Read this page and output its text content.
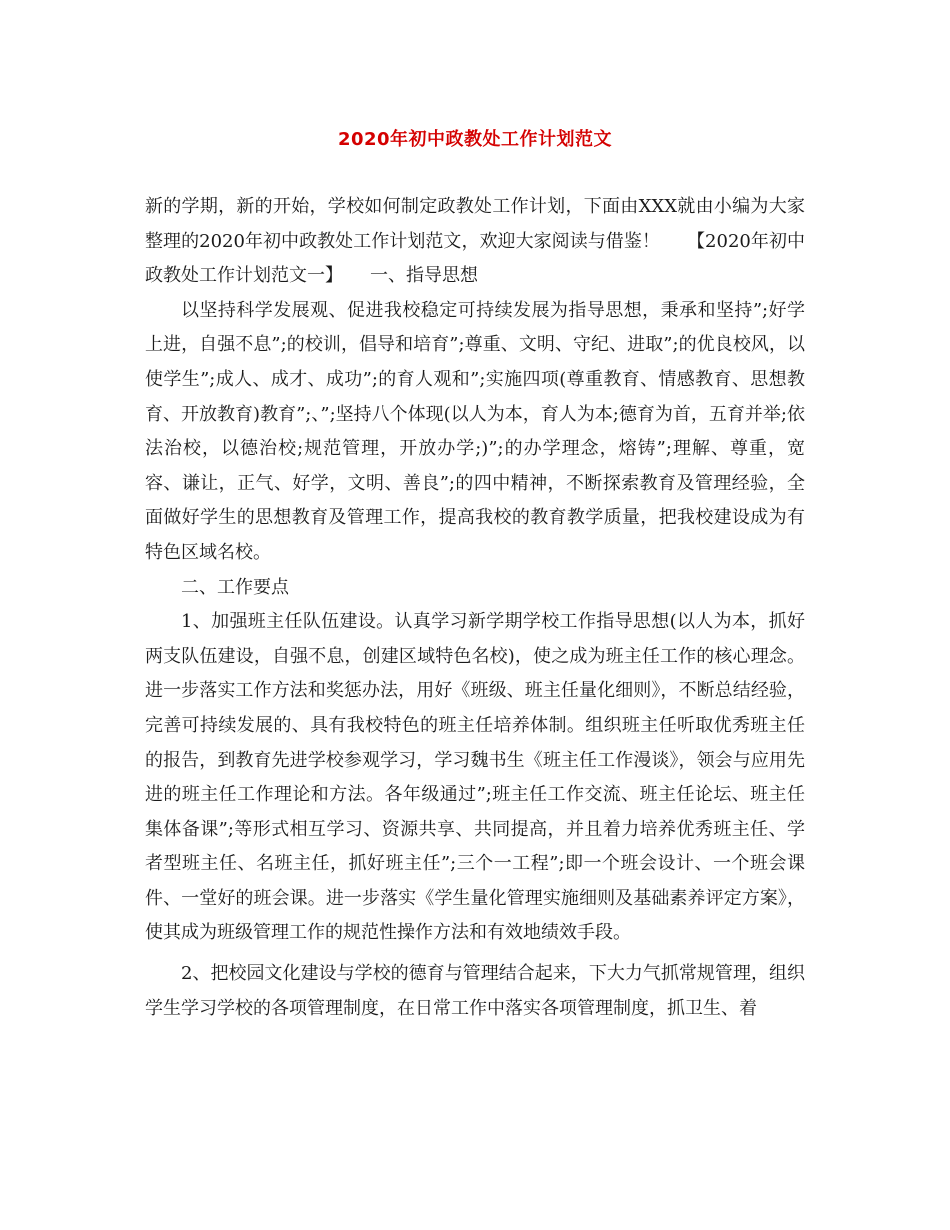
2020年初中政教处工作计划范文

新的学期，新的开始，学校如何制定政教处工作计划，下面由XXX就由小编为大家整理的2020年初中政教处工作计划范文，欢迎大家阅读与借鉴！　　【2020年初中政教处工作计划范文一】　　一、指导思想

以坚持科学发展观、促进我校稳定可持续发展为指导思想，秉承和坚持”;好学上进，自强不息”;的校训，倡导和培育”;尊重、文明、守纪、进取”;的优良校风，以使学生”;成人、成才、成功”;的育人观和”;实施四项(尊重教育、情感教育、思想教育、开放教育)教育”;、”;坚持八个体现(以人为本，育人为本;德育为首，五育并举;依法治校，以德治校;规范管理，开放办学;)”;的办学理念，熔铸”;理解、尊重，宽容、谦让，正气、好学，文明、善良”;的四中精神，不断探索教育及管理经验，全面做好学生的思想教育及管理工作，提高我校的教育教学质量，把我校建设成为有特色区域名校。

二、工作要点

1、加强班主任队伍建设。认真学习新学期学校工作指导思想(以人为本，抓好两支队伍建设，自强不息，创建区域特色名校)，使之成为班主任工作的核心理念。进一步落实工作方法和奖惩办法，用好《班级、班主任量化细则》，不断总结经验，完善可持续发展的、具有我校特色的班主任培养体制。组织班主任听取优秀班主任的报告，到教育先进学校参观学习，学习魏书生《班主任工作漫谈》，领会与应用先进的班主任工作理论和方法。各年级通过”;班主任工作交流、班主任论坛、班主任集体备课”;等形式相互学习、资源共享、共同提高，并且着力培养优秀班主任、学者型班主任、名班主任，抓好班主任”;三个一工程”;即一个班会设计、一个班会课件、一堂好的班会课。进一步落实《学生量化管理实施细则及基础素养评定方案》，使其成为班级管理工作的规范性操作方法和有效地绩效手段。

2、把校园文化建设与学校的德育与管理结合起来，下大力气抓常规管理，组织学生学习学校的各项管理制度，在日常工作中落实各项管理制度，抓卫生、着
